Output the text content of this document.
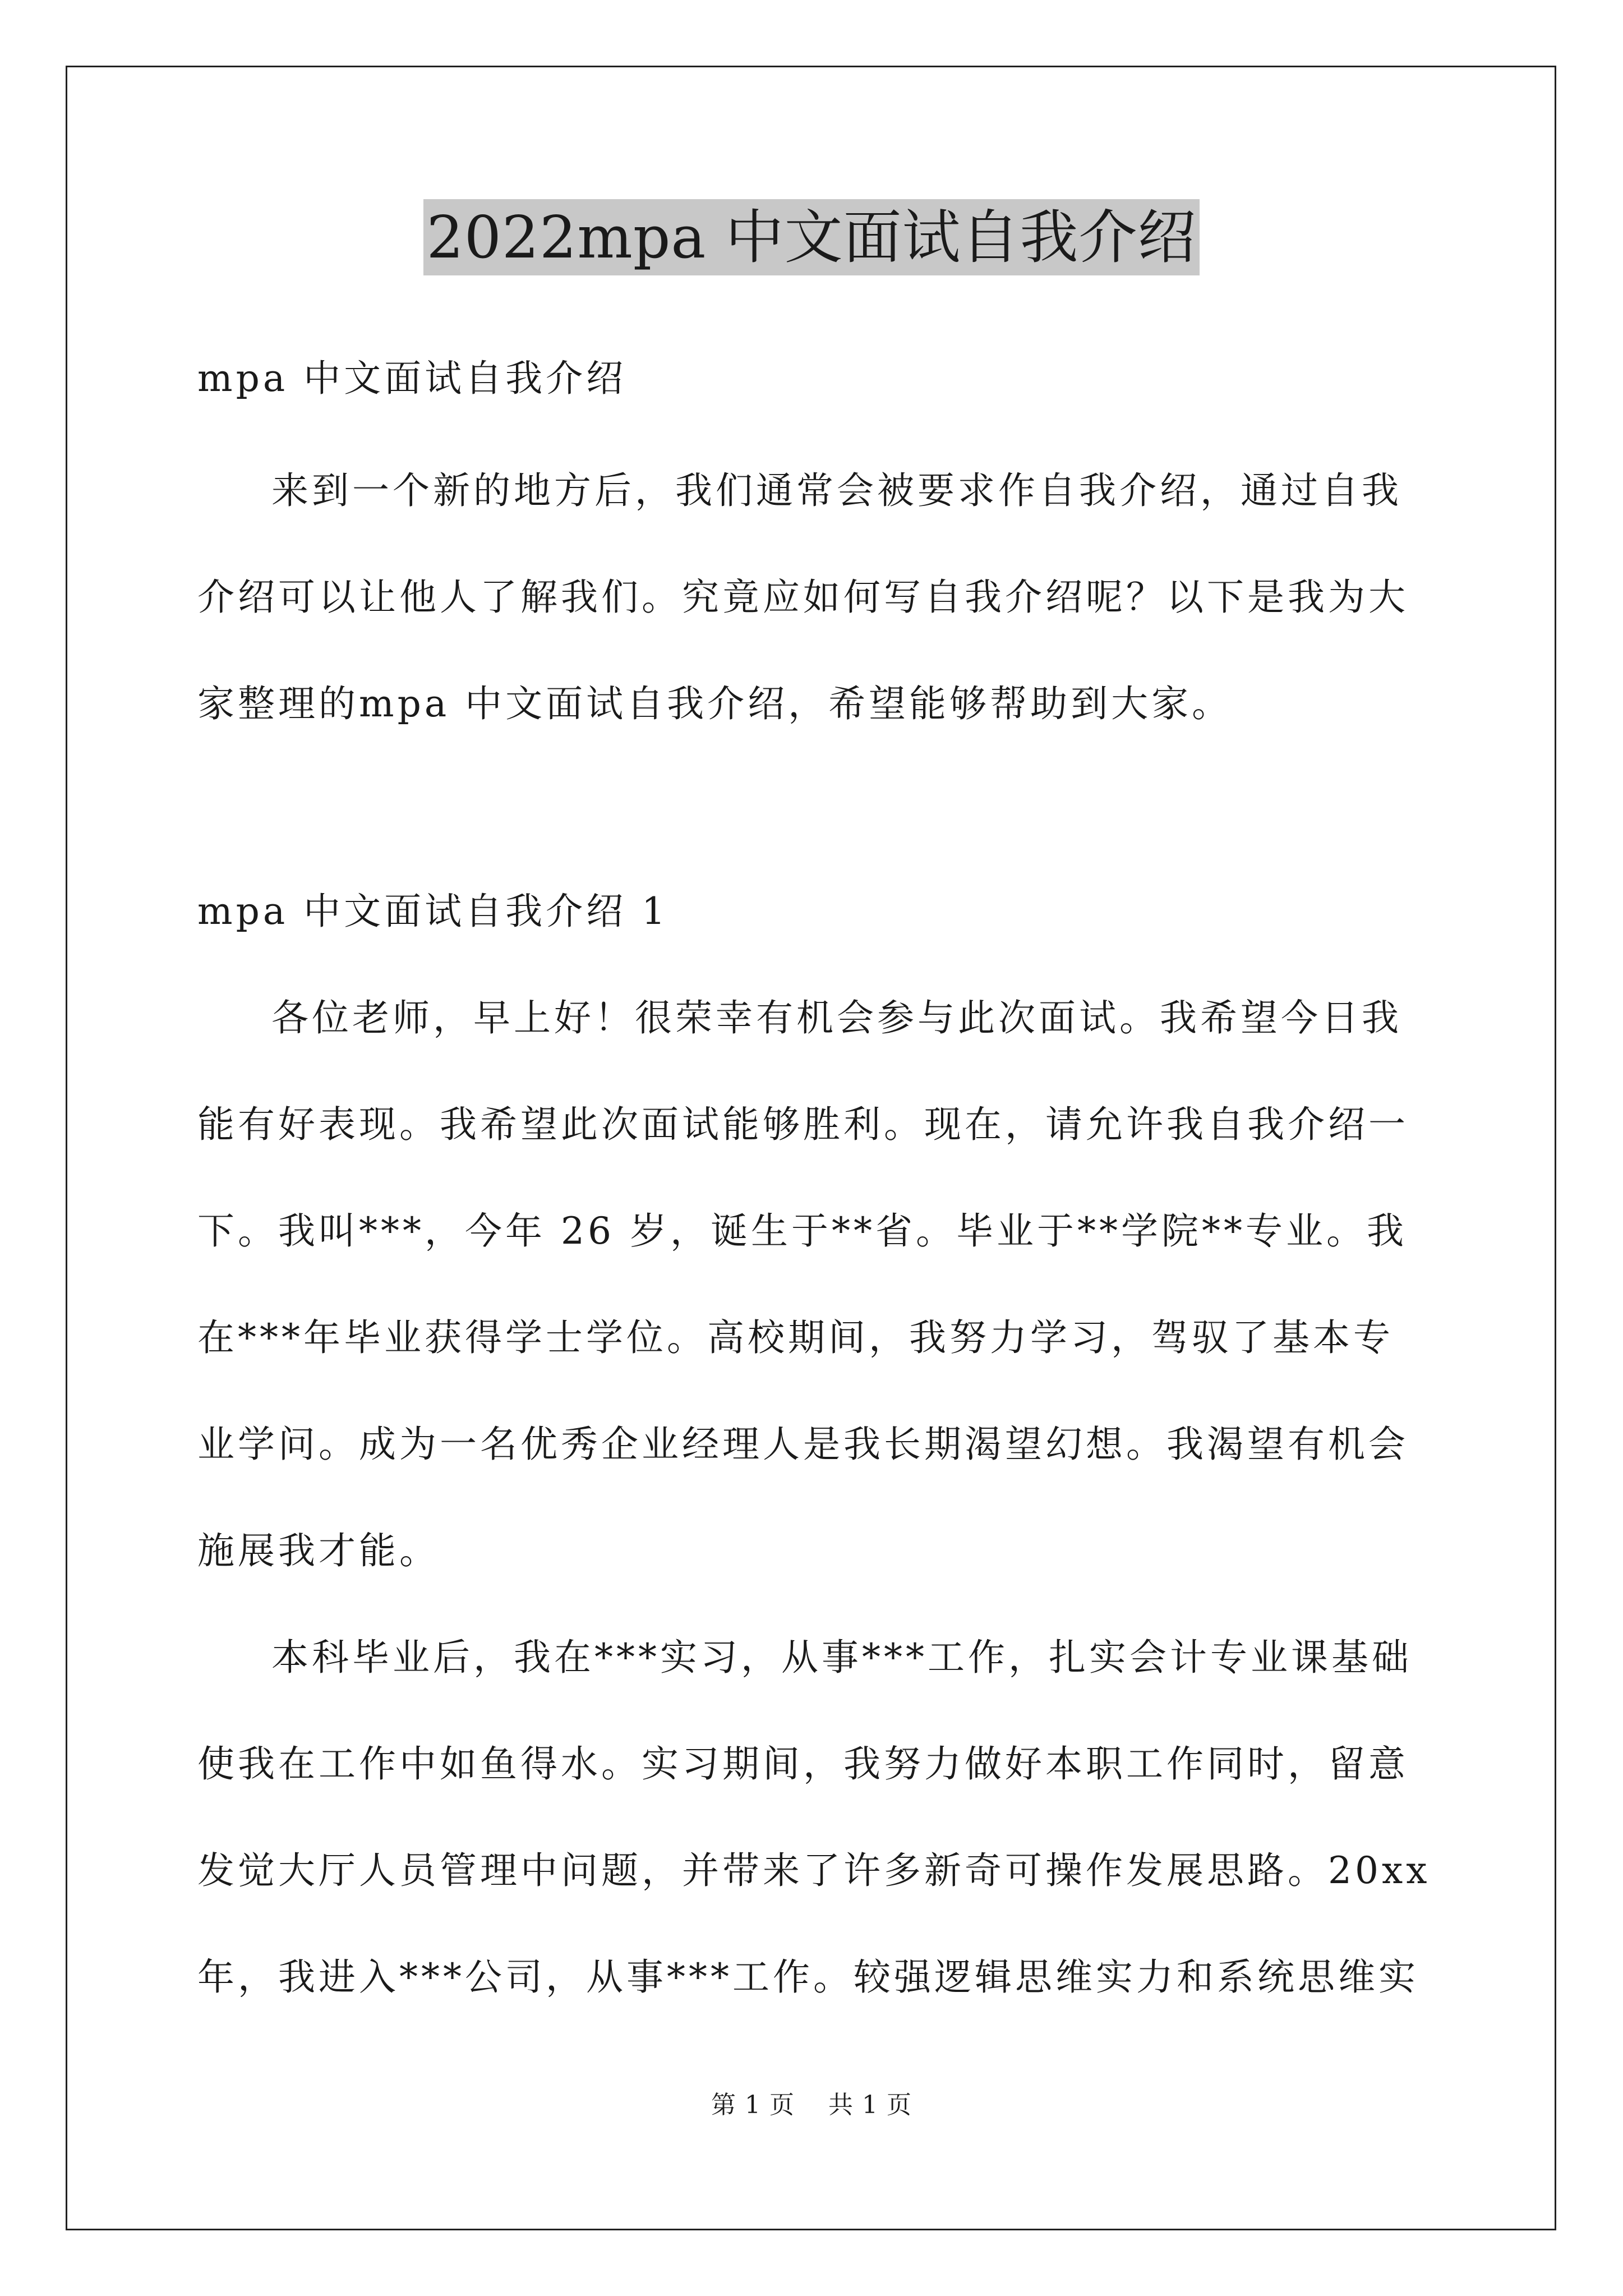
2022mpa 中文面试自我介绍
mpa 中文面试自我介绍

来到一个新的地方后，我们通常会被要求作自我介绍，通过自我介绍可以让他人了解我们。究竟应如何写自我介绍呢？以下是我为大家整理的mpa 中文面试自我介绍，希望能够帮助到大家。

mpa 中文面试自我介绍 1

各位老师，早上好！很荣幸有机会参与此次面试。我希望今日我能有好表现。我希望此次面试能够胜利。现在，请允许我自我介绍一下。我叫***，今年 26 岁，诞生于**省。毕业于**学院**专业。我在***年毕业获得学士学位。高校期间，我努力学习，驾驭了基本专业学问。成为一名优秀企业经理人是我长期渴望幻想。我渴望有机会施展我才能。

本科毕业后，我在***实习，从事***工作，扎实会计专业课基础使我在工作中如鱼得水。实习期间，我努力做好本职工作同时，留意发觉大厅人员管理中问题，并带来了许多新奇可操作发展思路。20xx年，我进入***公司，从事***工作。较强逻辑思维实力和系统思维实

第 1 页　 共 1 页
